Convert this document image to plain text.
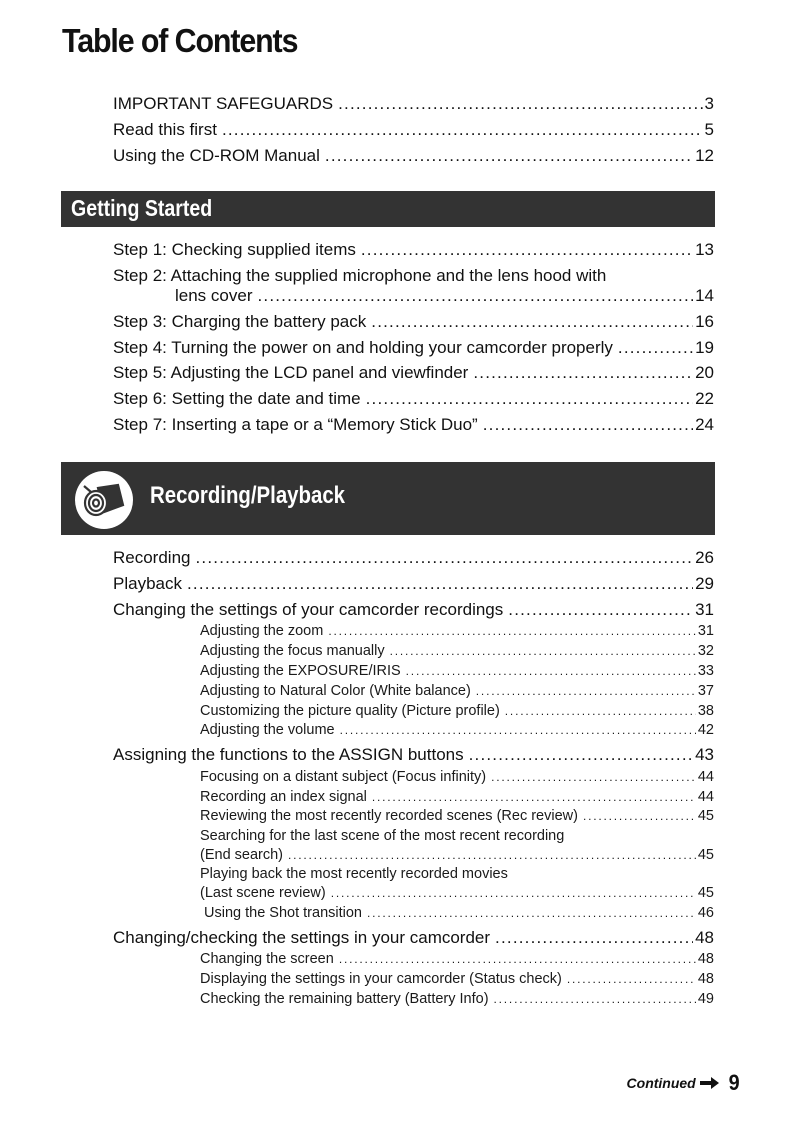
Table of Contents
IMPORTANT SAFEGUARDS .....	3
Read this first .....	5
Using the CD-ROM Manual .....	12
Getting Started
Step 1: Checking supplied items .....	13
Step 2: Attaching the supplied microphone and the lens hood with
lens cover .....	14
Step 3: Charging the battery pack .....	16
Step 4: Turning the power on and holding your camcorder properly .....	19
Step 5: Adjusting the LCD panel and viewfinder .....	20
Step 6: Setting the date and time .....	22
Step 7: Inserting a tape or a “Memory Stick Duo” .....	24
Recording/Playback
Recording .....	26
Playback .....	29
Changing the settings of your camcorder recordings .....	31
Adjusting the zoom .....	31
Adjusting the focus manually .....	32
Adjusting the EXPOSURE/IRIS .....	33
Adjusting to Natural Color (White balance) .....	37
Customizing the picture quality (Picture profile) .....	38
Adjusting the volume .....	42
Assigning the functions to the ASSIGN buttons .....	43
Focusing on a distant subject (Focus infinity) .....	44
Recording an index signal .....	44
Reviewing the most recently recorded scenes (Rec review) .....	45
Searching for the last scene of the most recent recording
(End search) .....	45
Playing back the most recently recorded movies
(Last scene review) .....	45
Using the Shot transition .....	46
Changing/checking the settings in your camcorder .....	48
Changing the screen .....	48
Displaying the settings in your camcorder (Status check) .....	48
Checking the remaining battery (Battery Info) .....	49
Continued 9
